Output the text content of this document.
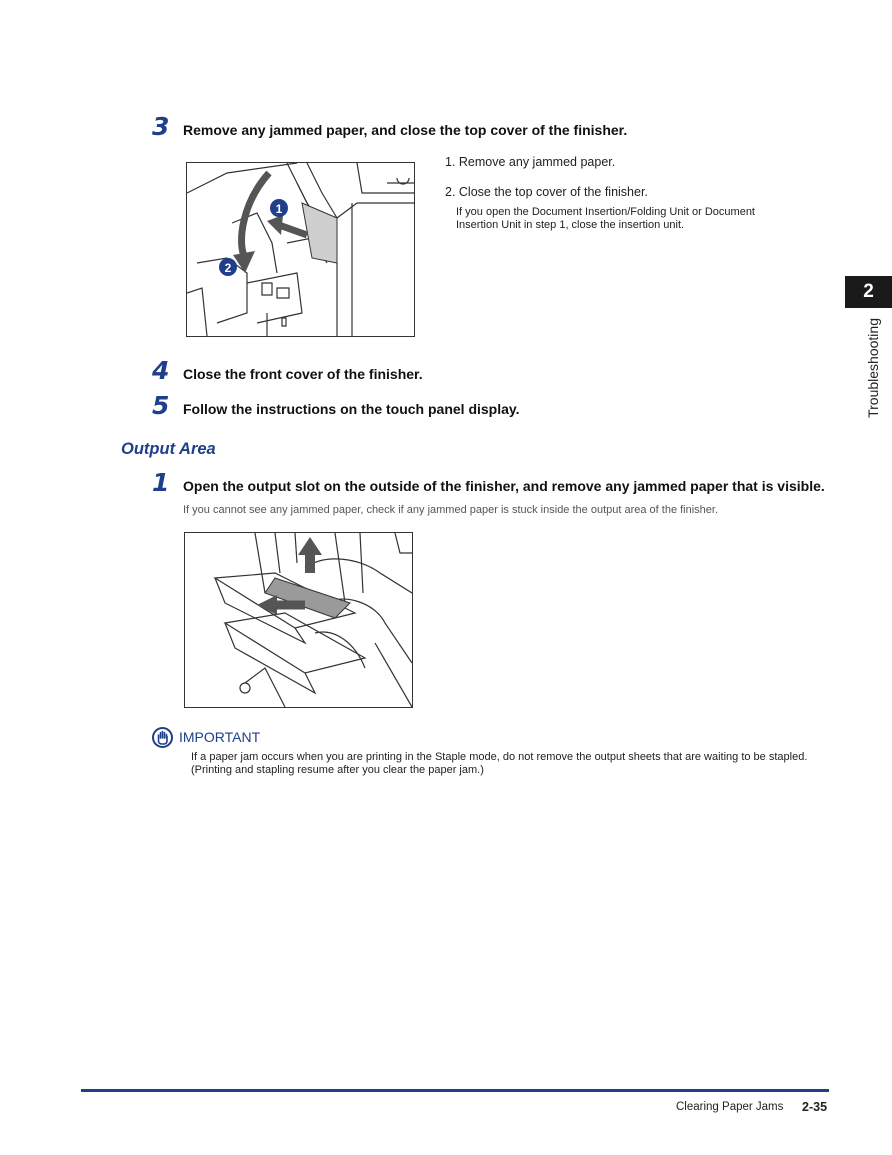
3 Remove any jammed paper, and close the top cover of the finisher.
1
2
1. Remove any jammed paper.
2. Close the top cover of the finisher.
If you open the Document Insertion/Folding Unit or Document
Insertion Unit in step 1, close the insertion unit.
4 Close the front cover of the finisher.
5 Follow the instructions on the touch panel display.
Output Area
1 Open the output slot on the outside of the finisher, and remove any jammed paper that is visible.
If you cannot see any jammed paper, check if any jammed paper is stuck inside the output area of the finisher.
IMPORTANT
If a paper jam occurs when you are printing in the Staple mode, do not remove the output sheets that are waiting to be stapled.
(Printing and stapling resume after you clear the paper jam.)
2
Troubleshooting
Clearing Paper Jams 2-35
